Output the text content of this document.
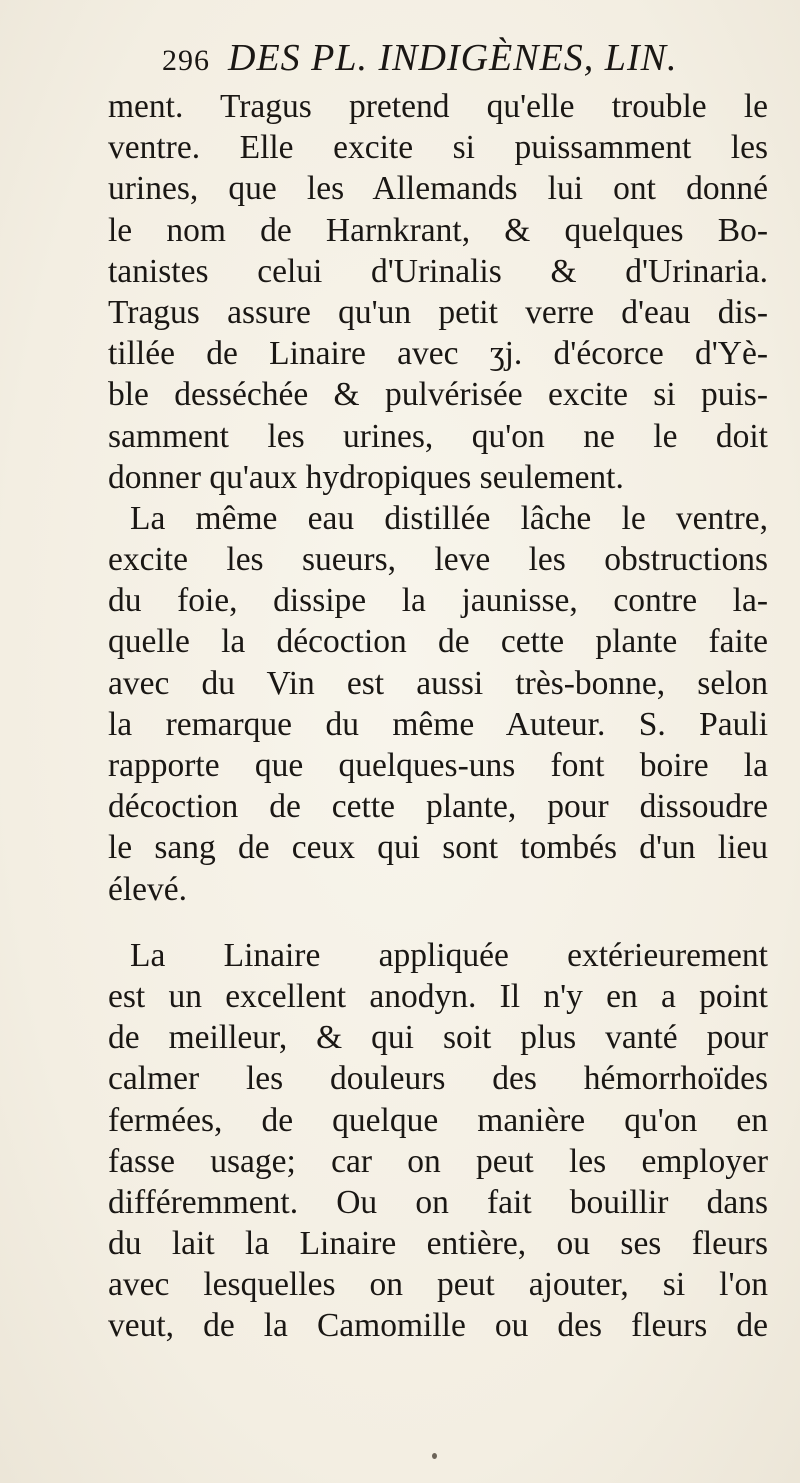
296 DES PL. INDIGÈNES, LIN.
ment. Tragus pretend qu'elle trouble le
ventre. Elle excite si puissamment les
urines, que les Allemands lui ont donné
le nom de Harnkrant, & quelques Bo-
tanistes celui d'Urinalis & d'Urinaria.
Tragus assure qu'un petit verre d'eau dis-
tillée de Linaire avec ʒj. d'écorce d'Yè-
ble desséchée & pulvérisée excite si puis-
samment les urines, qu'on ne le doit
donner qu'aux hydropiques seulement.
La même eau distillée lâche le ventre,
excite les sueurs, leve les obstructions
du foie, dissipe la jaunisse, contre la-
quelle la décoction de cette plante faite
avec du Vin est aussi très-bonne, selon
la remarque du même Auteur. S. Pauli
rapporte que quelques-uns font boire la
décoction de cette plante, pour dissoudre
le sang de ceux qui sont tombés d'un lieu
élevé.
La Linaire appliquée extérieurement
est un excellent anodyn. Il n'y en a point
de meilleur, & qui soit plus vanté pour
calmer les douleurs des hémorrhoïdes
fermées, de quelque manière qu'on en
fasse usage; car on peut les employer
différemment. Ou on fait bouillir dans
du lait la Linaire entière, ou ses fleurs
avec lesquelles on peut ajouter, si l'on
veut, de la Camomille ou des fleurs de
